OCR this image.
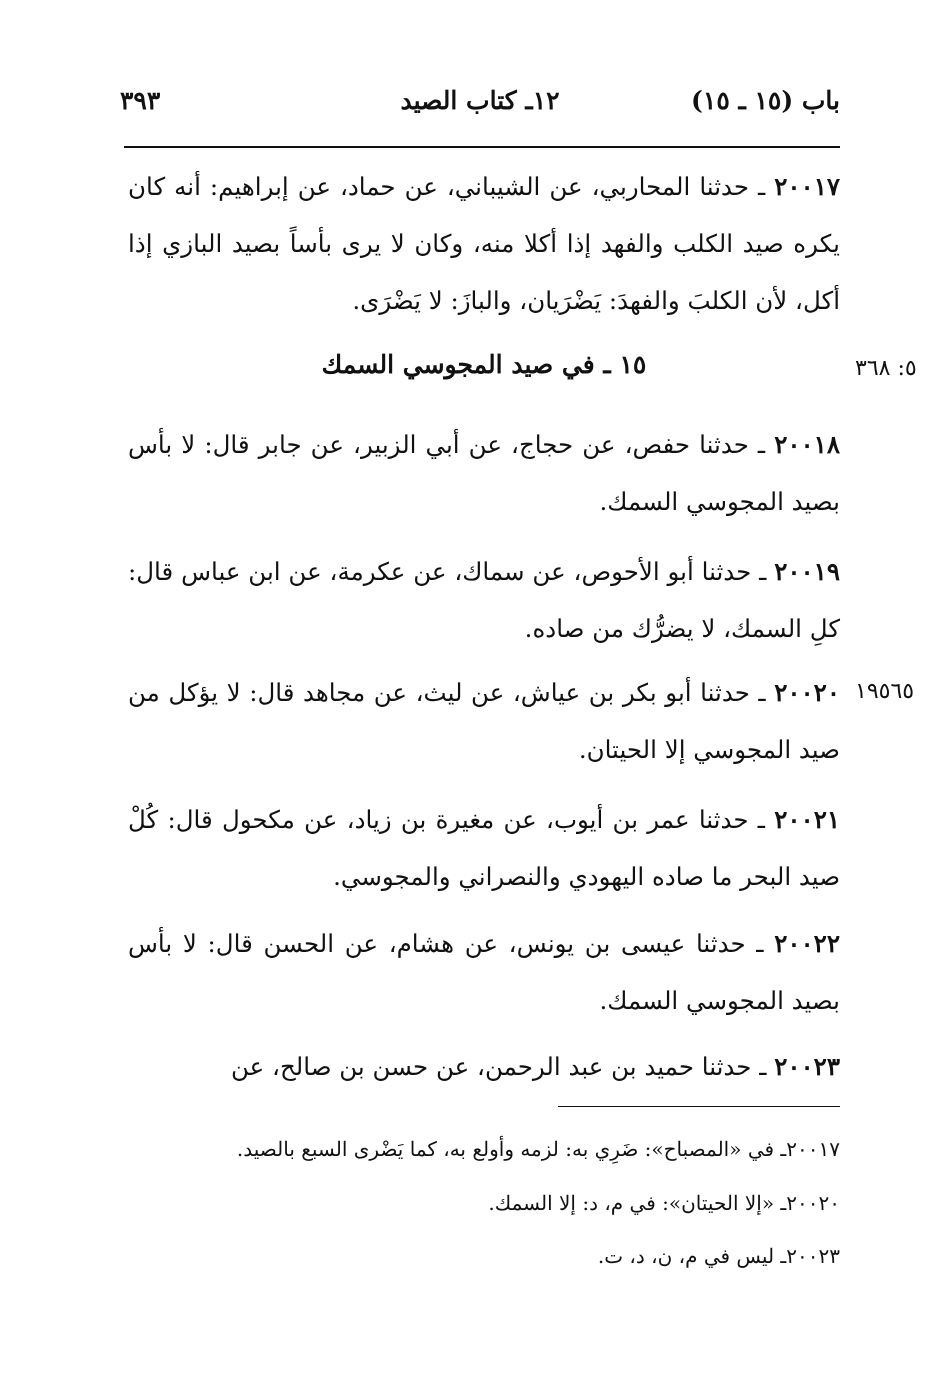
باب (١٥ ـ ١٥)
١٢ـ كتاب الصيد
٣٩٣
٢٠٠١٧ ـ حدثنا المحاربي، عن الشيباني، عن حماد، عن إبراهيم: أنه كان يكره صيد الكلب والفهد إذا أكلا منه، وكان لا يرى بأساً بصيد البازي إذا أكل، لأن الكلبَ والفهدَ: يَضْرَيان، والبازَ: لا يَضْرَى.
١٥ ـ في صيد المجوسي السمك	٥: ٣٦٨
٢٠٠١٨ ـ حدثنا حفص، عن حجاج، عن أبي الزبير، عن جابر قال: لا بأس بصيد المجوسي السمك.
٢٠٠١٩ ـ حدثنا أبو الأحوص، عن سماك، عن عكرمة، عن ابن عباس قال: كلِ السمك، لا يضرُّك من صاده.
١٩٥٦٥
٢٠٠٢٠ ـ حدثنا أبو بكر بن عياش، عن ليث، عن مجاهد قال: لا يؤكل من صيد المجوسي إلا الحيتان.
٢٠٠٢١ ـ حدثنا عمر بن أيوب، عن مغيرة بن زياد، عن مكحول قال: كُلْ صيد البحر ما صاده اليهودي والنصراني والمجوسي.
٢٠٠٢٢ ـ حدثنا عيسى بن يونس، عن هشام، عن الحسن قال: لا بأس بصيد المجوسي السمك.
٢٠٠٢٣ ـ حدثنا حميد بن عبد الرحمن، عن حسن بن صالح، عن
٢٠٠١٧ـ في «المصباح»: ضَرِي به: لزمه وأولع به، كما يَضْرى السبع بالصيد.
٢٠٠٢٠ـ «إلا الحيتان»: في م، د: إلا السمك.
٢٠٠٢٣ـ ليس في م، ن، د، ت.
